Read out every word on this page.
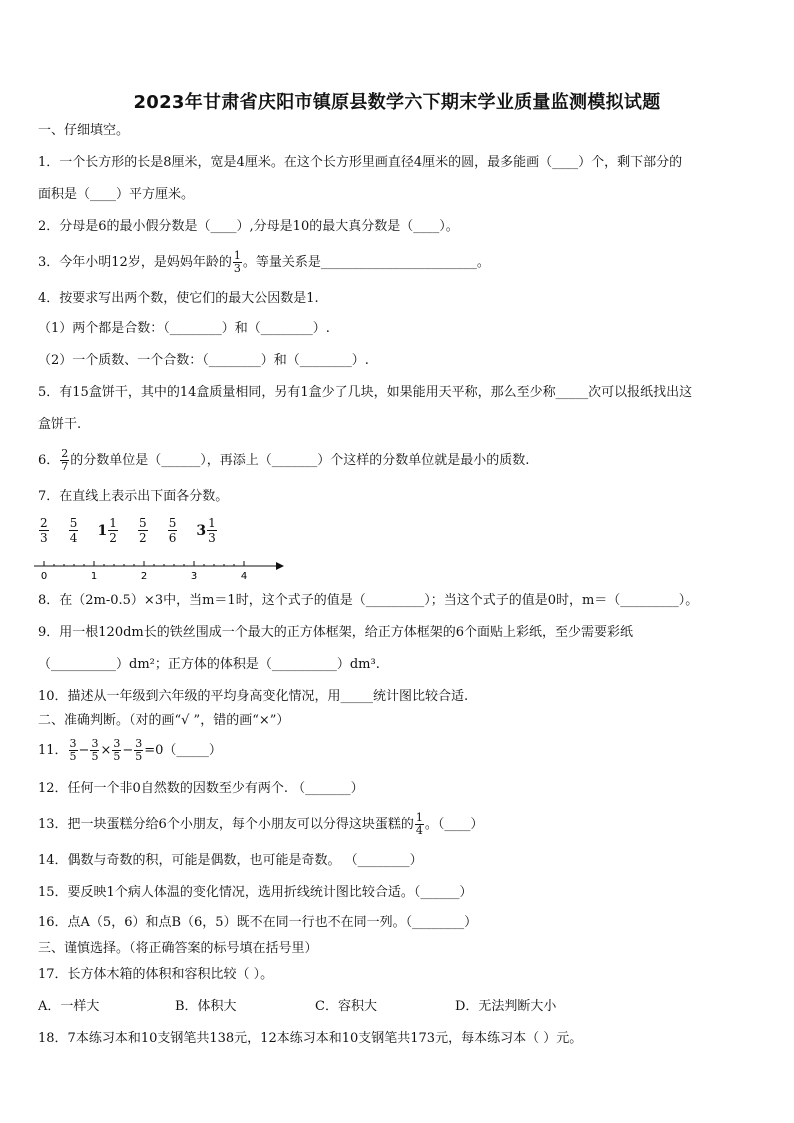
2023年甘肃省庆阳市镇原县数学六下期末学业质量监测模拟试题
一、仔细填空。
1．一个长方形的长是8厘米，宽是4厘米。在这个长方形里画直径4厘米的圆，最多能画（____）个，剩下部分的
面积是（____）平方厘米。
2．分母是6的最小假分数是（____）,分母是10的最大真分数是（____）。
3．今年小明12岁，是妈妈年龄的 $\frac{1}{3}$ 。等量关系是________________________。
4．按要求写出两个数，使它们的最大公因数是1.
（1）两个都是合数：（________）和（________）.
（2）一个质数、一个合数：（________）和（________）.
5．有15盒饼干，其中的14盒质量相同，另有1盒少了几块，如果能用天平称，那么至少称_____次可以报纸找出这
盒饼干.
6． $\frac{2}{7}$ 的分数单位是（______），再添上（_______）个这样的分数单位就是最小的质数.
7．在直线上表示出下面各分数。
$\frac{2}{3}$
$\frac{5}{4} 1 \frac{1}{2}$
$\frac{5}{2}$
$\frac{5}{6} 3 \frac{1}{3}$
0	1	2	3	4
8．在（2m-0.5）×3中，当m＝1时，这个式子的值是（_________）；当这个式子的值是0时，m＝（_________）。
9．用一根120dm长的铁丝围成一个最大的正方体框架，给正方体框架的6个面贴上彩纸，至少需要彩纸
（__________）dm²；正方体的体积是（__________）dm³.
10．描述从一年级到六年级的平均身高变化情况，用_____统计图比较合适.
二、准确判断。（对的画“√ ”，错的画“×”）
11． $\frac{3}{5} - \frac{3}{5} \times \frac{3}{5} - \frac{3}{5}$ =0（_____）
12．任何一个非0自然数的因数至少有两个. （_______）
13．把一块蛋糕分给6个小朋友，每个小朋友可以分得这块蛋糕的 $\frac{1}{4}$ 。（____）
14．偶数与奇数的积，可能是偶数，也可能是奇数。 （________）
15．要反映1个病人体温的变化情况，选用折线统计图比较合适。（______）
16．点A（5，6）和点B（6，5）既不在同一行也不在同一列。（________）
三、谨慎选择。（将正确答案的标号填在括号里）
17．长方体木箱的体积和容积比较（ ）。
A．一样大	B．体积大	C．容积大	D．无法判断大小
18．7本练习本和10支钢笔共138元，12本练习本和10支钢笔共173元，每本练习本（ ）元。
